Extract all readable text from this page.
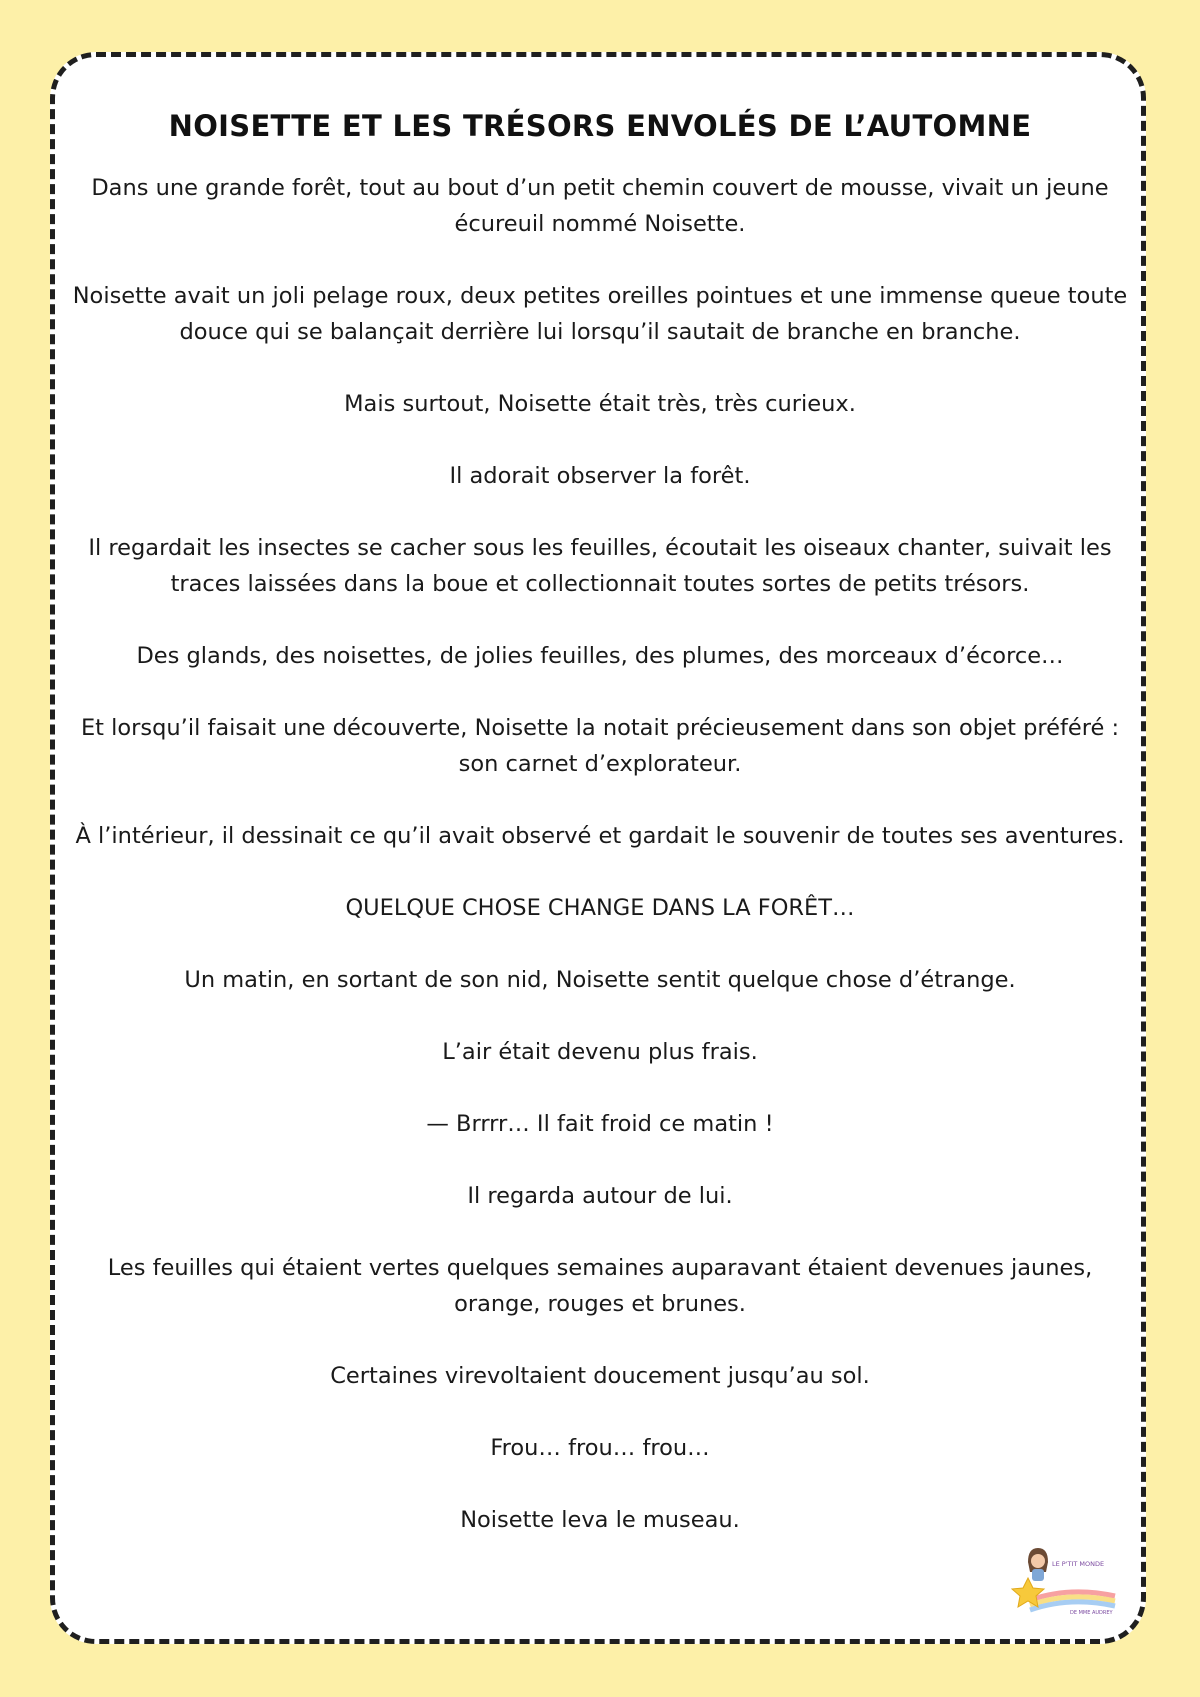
NOISETTE ET LES TRÉSORS ENVOLÉS DE L’AUTOMNE

Dans une grande forêt, tout au bout d’un petit chemin couvert de mousse, vivait un jeune écureuil nommé Noisette.

Noisette avait un joli pelage roux, deux petites oreilles pointues et une immense queue toute douce qui se balançait derrière lui lorsqu’il sautait de branche en branche.

Mais surtout, Noisette était très, très curieux.

Il adorait observer la forêt.

Il regardait les insectes se cacher sous les feuilles, écoutait les oiseaux chanter, suivait les traces laissées dans la boue et collectionnait toutes sortes de petits trésors.

Des glands, des noisettes, de jolies feuilles, des plumes, des morceaux d’écorce…

Et lorsqu’il faisait une découverte, Noisette la notait précieusement dans son objet préféré : son carnet d’explorateur.

À l’intérieur, il dessinait ce qu’il avait observé et gardait le souvenir de toutes ses aventures.

QUELQUE CHOSE CHANGE DANS LA FORÊT…

Un matin, en sortant de son nid, Noisette sentit quelque chose d’étrange.

L’air était devenu plus frais.

— Brrrr… Il fait froid ce matin !

Il regarda autour de lui.

Les feuilles qui étaient vertes quelques semaines auparavant étaient devenues jaunes, orange, rouges et brunes.

Certaines virevoltaient doucement jusqu’au sol.

Frou… frou… frou…

Noisette leva le museau.

LE P'TIT MONDE
DE MME AUDREY
